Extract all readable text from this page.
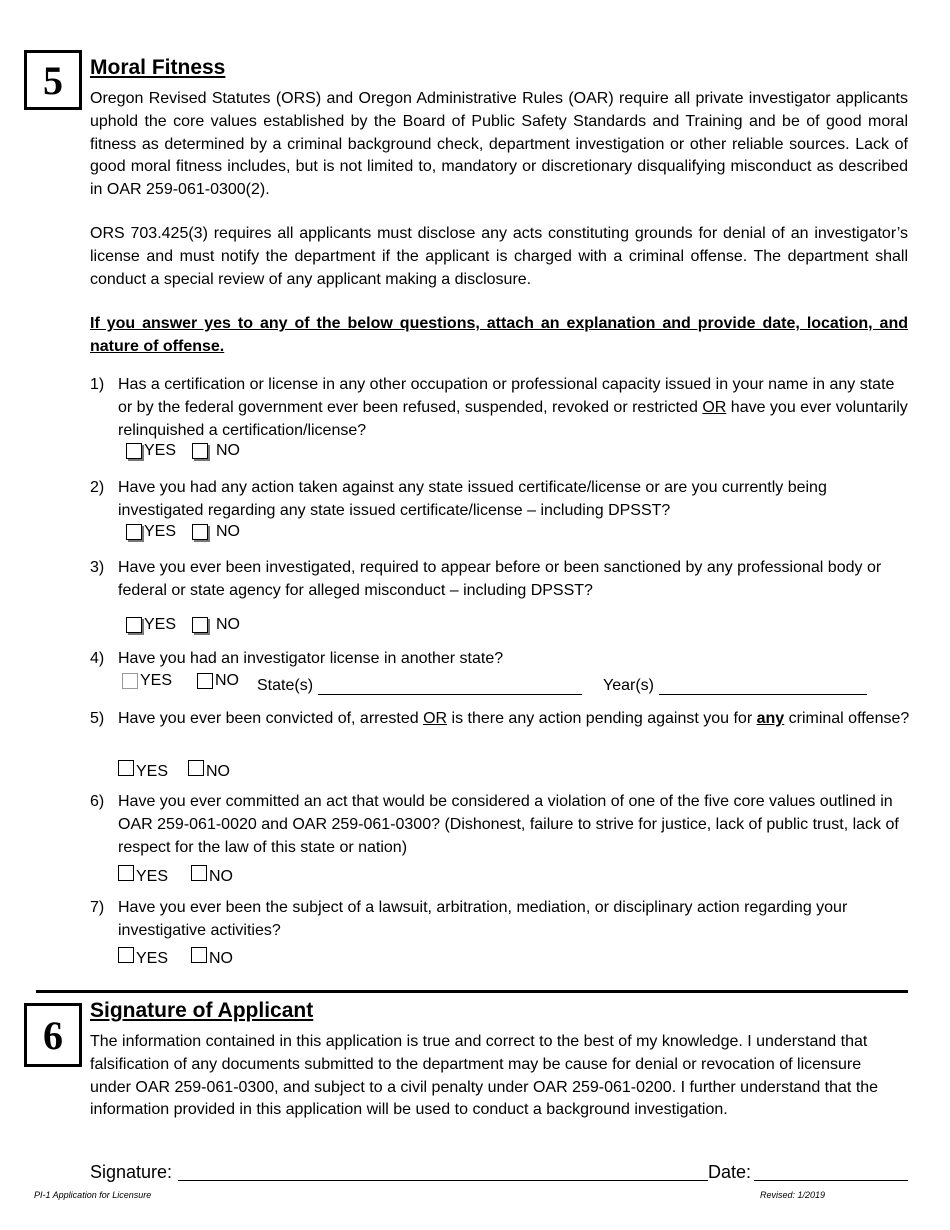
5 Moral Fitness

Oregon Revised Statutes (ORS) and Oregon Administrative Rules (OAR) require all private investigator applicants uphold the core values established by the Board of Public Safety Standards and Training and be of good moral fitness as determined by a criminal background check, department investigation or other reliable sources. Lack of good moral fitness includes, but is not limited to, mandatory or discretionary disqualifying misconduct as described in OAR 259-061-0300(2).

ORS 703.425(3) requires all applicants must disclose any acts constituting grounds for denial of an investigator’s license and must notify the department if the applicant is charged with a criminal offense. The department shall conduct a special review of any applicant making a disclosure.

If you answer yes to any of the below questions, attach an explanation and provide date, location, and nature of offense.

1) Has a certification or license in any other occupation or professional capacity issued in your name in any state or by the federal government ever been refused, suspended, revoked or restricted OR have you ever voluntarily relinquished a certification/license?

YES NO
2) Have you had any action taken against any state issued certificate/license or are you currently being investigated regarding any state issued certificate/license – including DPSST?

YES NO
3) Have you ever been investigated, required to appear before or been sanctioned by any professional body or federal or state agency for alleged misconduct – including DPSST?

YES NO
4) Have you had an investigator license in another state?

YES	NO State(s)	Year(s)
5) Have you ever been convicted of, arrested OR is there any action pending against you for any criminal offense?

YES NO
6) Have you ever committed an act that would be considered a violation of one of the five core values outlined in OAR 259-061-0020 and OAR 259-061-0300? (Dishonest, failure to strive for justice, lack of public trust, lack of respect for the law of this state or nation)

YES	NO
7) Have you ever been the subject of a lawsuit, arbitration, mediation, or disciplinary action regarding your investigative activities?

YES	NO
6
Signature of Applicant

The information contained in this application is true and correct to the best of my knowledge. I understand that falsification of any documents submitted to the department may be cause for denial or revocation of licensure under OAR 259-061-0300, and subject to a civil penalty under OAR 259-061-0200. I further understand that the information provided in this application will be used to conduct a background investigation.

Signature:	Date:
PI-1 Application for Licensure	Revised: 1/2019
